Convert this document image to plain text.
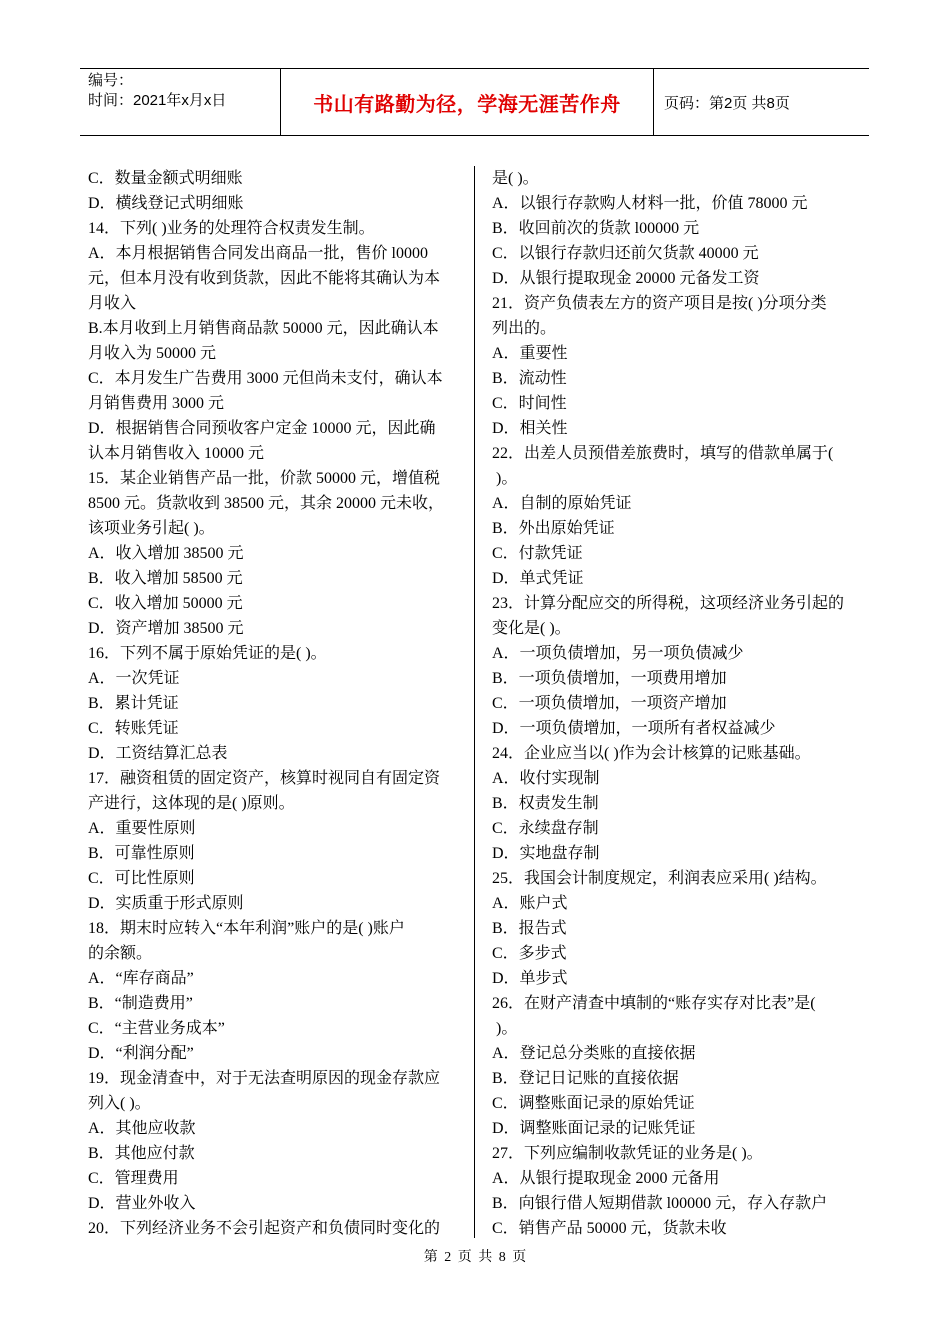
编号：
时间：2021年x月x日	书山有路勤为径，学海无涯苦作舟	页码：第2页 共8页
C．数量金额式明细账
D．横线登记式明细账
14．下列( )业务的处理符合权责发生制。
A．本月根据销售合同发出商品一批，售价 l0000
元，但本月没有收到货款，因此不能将其确认为本
月收入
B.本月收到上月销售商品款 50000 元，因此确认本
月收入为 50000 元
C．本月发生广告费用 3000 元但尚未支付，确认本
月销售费用 3000 元
D．根据销售合同预收客户定金 10000 元，因此确
认本月销售收入 10000 元
15．某企业销售产品一批，价款 50000 元，增值税
8500 元。货款收到 38500 元，其余 20000 元未收，
该项业务引起( )。
A．收入增加 38500 元
B．收入增加 58500 元
C．收入增加 50000 元
D．资产增加 38500 元
16．下列不属于原始凭证的是( )。
A．一次凭证
B．累计凭证
C．转账凭证
D．工资结算汇总表
17．融资租赁的固定资产，核算时视同自有固定资
产进行，这体现的是( )原则。
A．重要性原则
B．可靠性原则
C．可比性原则
D．实质重于形式原则
18．期末时应转入“本年利润”账户的是( )账户
的余额。
A．“库存商品”
B．“制造费用”
C．“主营业务成本”
D．“利润分配”
19．现金清查中，对于无法查明原因的现金存款应
列入( )。
A．其他应收款
B．其他应付款
C．管理费用
D．营业外收入
20．下列经济业务不会引起资产和负债同时变化的
是( )。
A．以银行存款购人材料一批，价值 78000 元
B．收回前次的货款 l00000 元
C．以银行存款归还前欠货款 40000 元
D．从银行提取现金 20000 元备发工资
21．资产负债表左方的资产项目是按( )分项分类
列出的。
A．重要性
B．流动性
C．时间性
D．相关性
22．出差人员预借差旅费时，填写的借款单属于(
)。
A．自制的原始凭证
B．外出原始凭证
C．付款凭证
D．单式凭证
23．计算分配应交的所得税，这项经济业务引起的
变化是( )。
A．一项负债增加，另一项负债减少
B．一项负债增加，一项费用增加
C．一项负债增加，一项资产增加
D．一项负债增加，一项所有者权益减少
24．企业应当以( )作为会计核算的记账基础。
A．收付实现制
B．权责发生制
C．永续盘存制
D．实地盘存制
25．我国会计制度规定，利润表应采用( )结构。
A．账户式
B．报告式
C．多步式
D．单步式
26．在财产清查中填制的“账存实存对比表”是(
)。
A．登记总分类账的直接依据
B．登记日记账的直接依据
C．调整账面记录的原始凭证
D．调整账面记录的记账凭证
27．下列应编制收款凭证的业务是( )。
A．从银行提取现金 2000 元备用
B．向银行借人短期借款 l00000 元，存入存款户
C．销售产品 50000 元，货款未收
第 2 页 共 8 页
